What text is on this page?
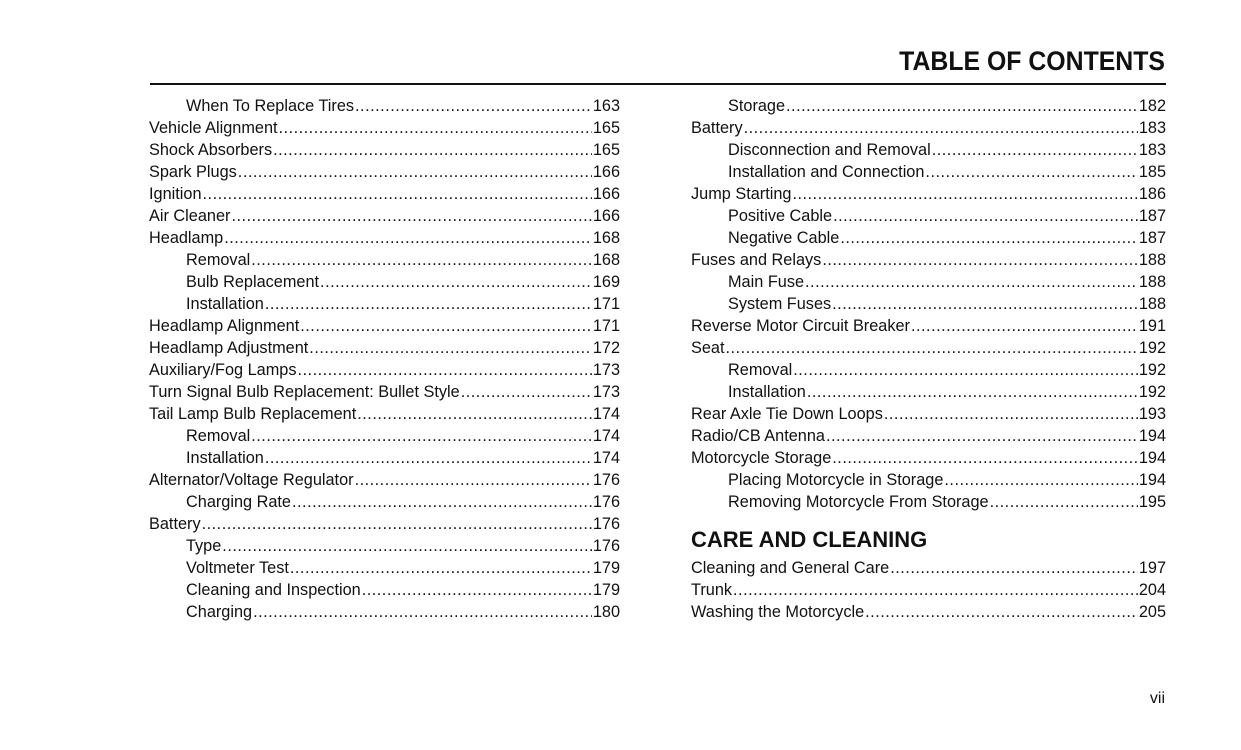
TABLE OF CONTENTS
When To Replace Tires .....	163
Vehicle Alignment .....	165
Shock Absorbers .....	165
Spark Plugs .....	166
Ignition .....	166
Air Cleaner .....	166
Headlamp .....	168
Removal .....	168
Bulb Replacement .....	169
Installation .....	171
Headlamp Alignment .....	171
Headlamp Adjustment .....	172
Auxiliary/Fog Lamps .....	173
Turn Signal Bulb Replacement: Bullet Style .....	173
Tail Lamp Bulb Replacement .....	174
Removal .....	174
Installation .....	174
Alternator/Voltage Regulator .....	176
Charging Rate .....	176
Battery .....	176
Type .....	176
Voltmeter Test .....	179
Cleaning and Inspection .....	179
Charging .....	180
Storage .....	182
Battery .....	183
Disconnection and Removal .....	183
Installation and Connection .....	185
Jump Starting .....	186
Positive Cable .....	187
Negative Cable .....	187
Fuses and Relays .....	188
Main Fuse .....	188
System Fuses .....	188
Reverse Motor Circuit Breaker .....	191
Seat .....	192
Removal .....	192
Installation .....	192
Rear Axle Tie Down Loops .....	193
Radio/CB Antenna .....	194
Motorcycle Storage .....	194
Placing Motorcycle in Storage .....	194
Removing Motorcycle From Storage .....	195
CARE AND CLEANING
Cleaning and General Care .....	197
Trunk .....	204
Washing the Motorcycle .....	205
vii
